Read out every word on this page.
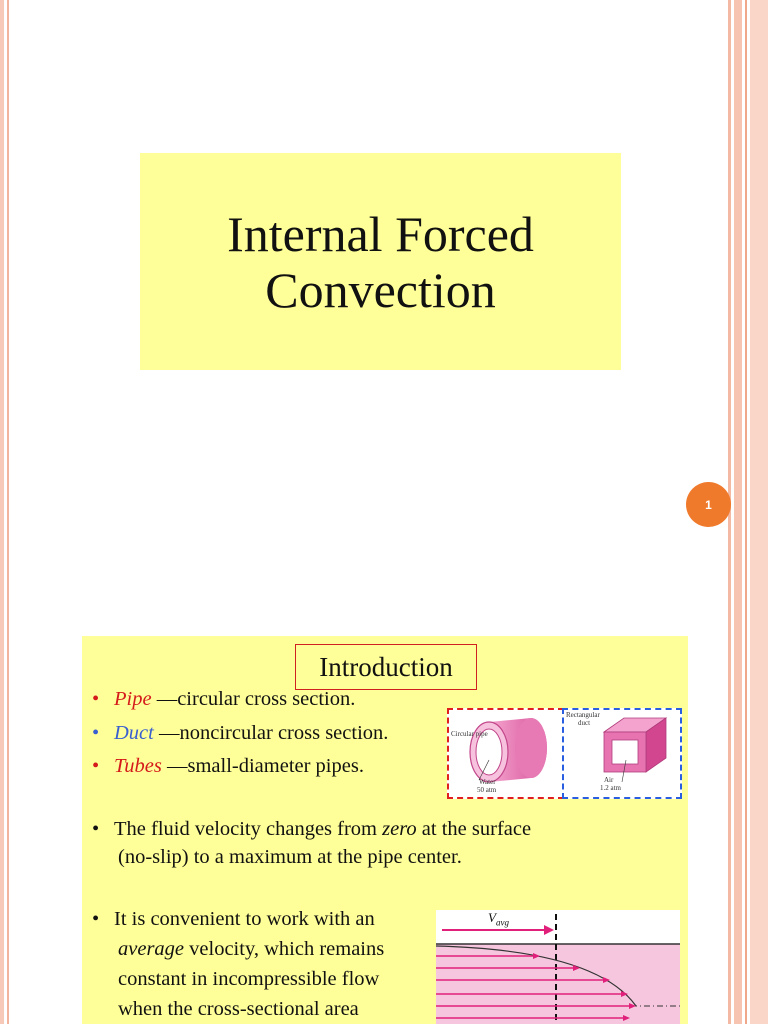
Internal Forced
Convection
1
Introduction
• Pipe —circular cross section.
• Duct —noncircular cross section.
• Tubes —small-diameter pipes.
Circular pipe
Water
50 atm
Rectangular
duct
Air
1.2 atm
• The fluid velocity changes from zero at the surface
(no-slip) to a maximum at the pipe center.
• It is convenient to work with an
average velocity, which remains
constant in incompressible flow
when the cross-sectional area
$V_{avg}$
